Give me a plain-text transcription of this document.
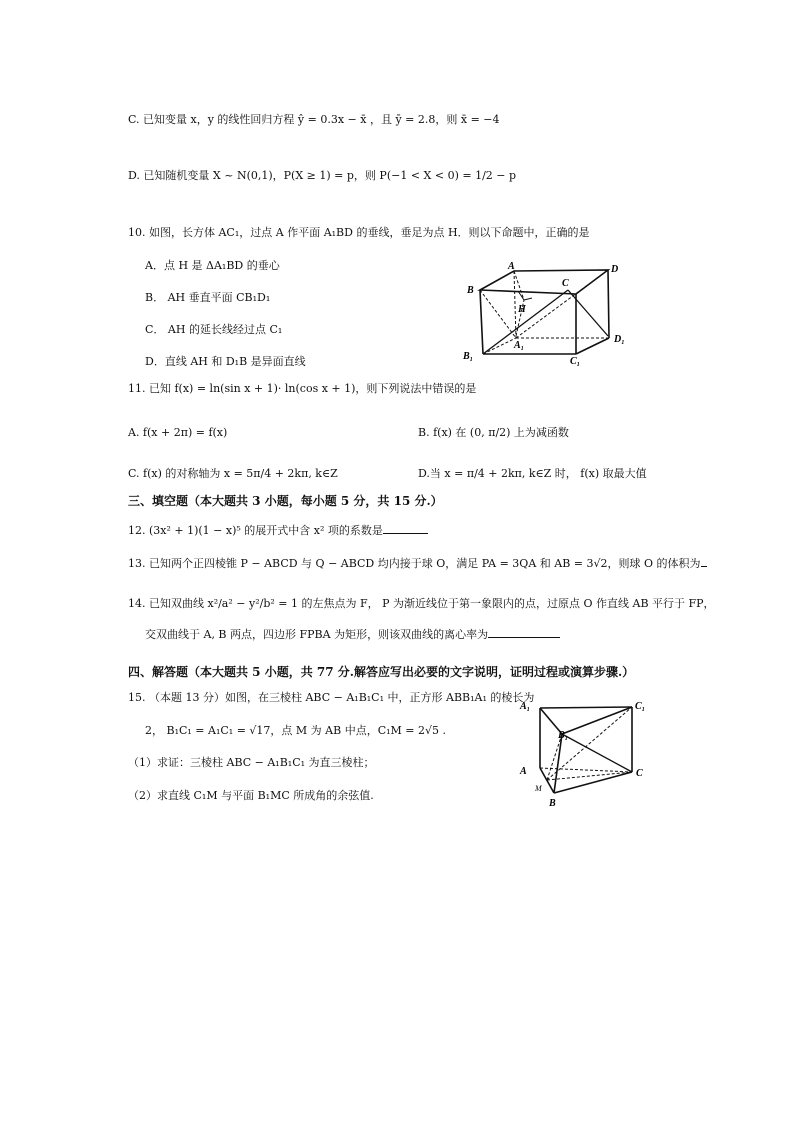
C. 已知变量 x，y 的线性回归方程 ŷ = 0.3x − x̄ ，且 ȳ = 2.8，则 x̄ = −4
D. 已知随机变量 X ~ N(0,1)，P(X ≥ 1) = p，则 P(−1 < X < 0) = 1/2 − p
10. 如图，长方体 AC₁，过点 A 作平面 A₁BD 的垂线，垂足为点 H．则以下命题中，正确的是
A．点 H 是 ΔA₁BD 的垂心
B． AH 垂直平面 CB₁D₁
C． AH 的延长线经过点 C₁
D．直线 AH 和 D₁B 是异面直线
A
B
C
D
H
A₁
B₁	C₁
D₁
11. 已知 f(x) = ln(sin x + 1)· ln(cos x + 1)，则下列说法中错误的是
A. f(x + 2π) = f(x)	B. f(x) 在 (0, π/2) 上为减函数
C. f(x) 的对称轴为 x = 5π/4 + 2kπ, k∈Z	D.当 x = π/4 + 2kπ, k∈Z 时， f(x) 取最大值
三、填空题（本大题共 3 小题，每小题 5 分，共 15 分.）
12. (3x² + 1)(1 − x)⁵ 的展开式中含 x² 项的系数是
13. 已知两个正四棱锥 P − ABCD 与 Q − ABCD 均内接于球 O，满足 PA = 3QA 和 AB = 3√2，则球 O 的体积为
14. 已知双曲线 x²/a² − y²/b² = 1 的左焦点为 F， P 为渐近线位于第一象限内的点，过原点 O 作直线 AB 平行于 FP，
交双曲线于 A, B 两点，四边形 FPBA 为矩形，则该双曲线的离心率为
四、解答题（本大题共 5 小题，共 77 分.解答应写出必要的文字说明，证明过程或演算步骤.）
15. （本题 13 分）如图，在三棱柱 ABC − A₁B₁C₁ 中，正方形 ABB₁A₁ 的棱长为
2， B₁C₁ = A₁C₁ = √17，点 M 为 AB 中点，C₁M = 2√5 .
（1）求证：三棱柱 ABC − A₁B₁C₁ 为直三棱柱；
（2）求直线 C₁M 与平面 B₁MC 所成角的余弦值.
A₁
B₁
C₁
A
B
C
M
